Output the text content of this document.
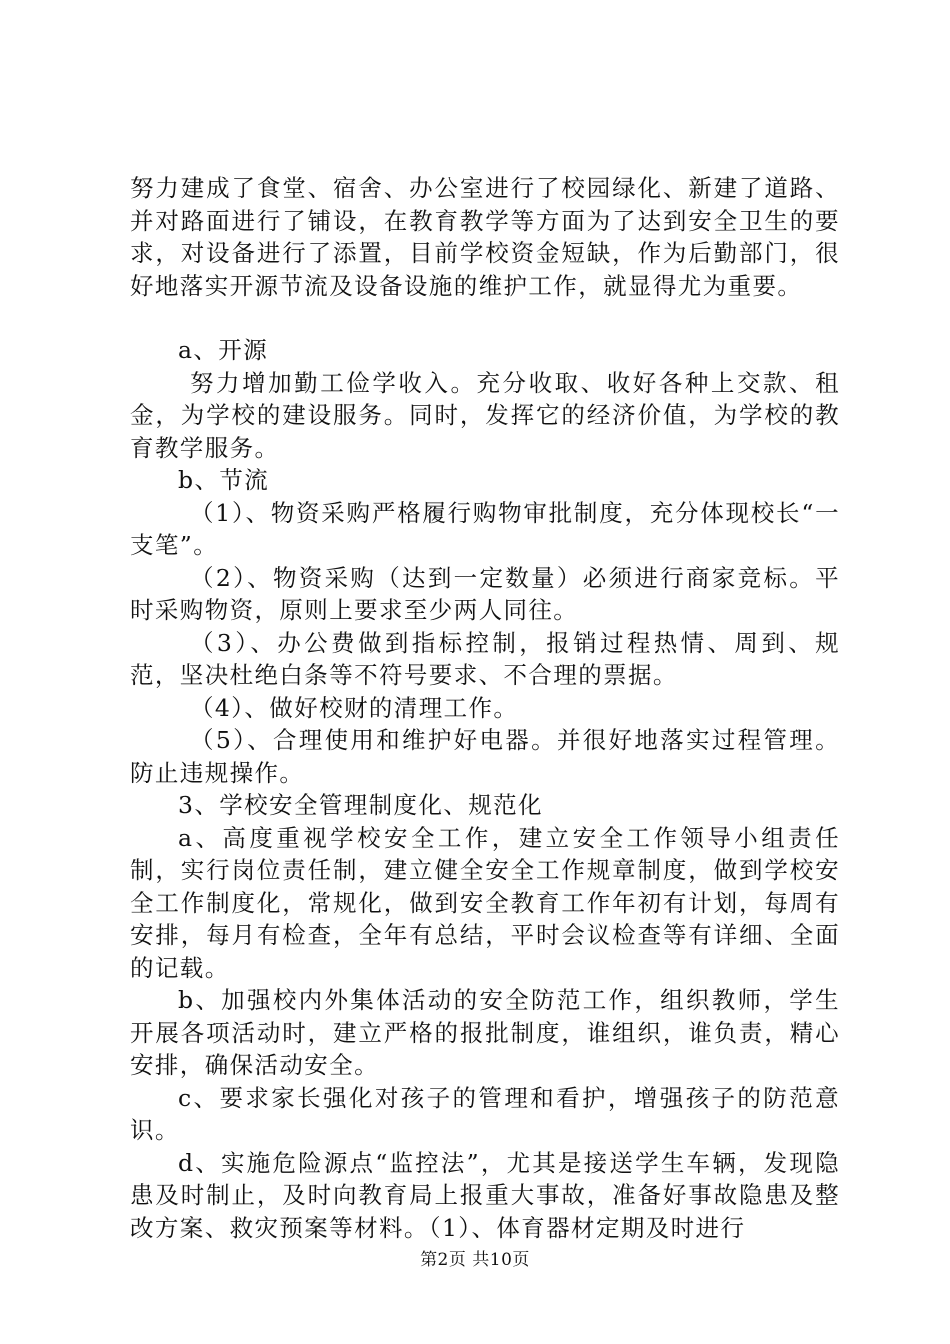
努力建成了食堂、宿舍、办公室进行了校园绿化、新建了道路、并对路面进行了铺设，在教育教学等方面为了达到安全卫生的要求，对设备进行了添置，目前学校资金短缺，作为后勤部门，很好地落实开源节流及设备设施的维护工作，就显得尤为重要。

a、开源

努力增加勤工俭学收入。充分收取、收好各种上交款、租金，为学校的建设服务。同时，发挥它的经济价值，为学校的教育教学服务。

b、节流

（1）、物资采购严格履行购物审批制度，充分体现校长“一支笔”。

（2）、物资采购（达到一定数量）必须进行商家竞标。平时采购物资，原则上要求至少两人同往。

（3）、办公费做到指标控制，报销过程热情、周到、规范，坚决杜绝白条等不符号要求、不合理的票据。

（4）、做好校财的清理工作。

（5）、合理使用和维护好电器。并很好地落实过程管理。防止违规操作。

3、学校安全管理制度化、规范化

a、高度重视学校安全工作，建立安全工作领导小组责任制，实行岗位责任制，建立健全安全工作规章制度，做到学校安全工作制度化，常规化，做到安全教育工作年初有计划，每周有安排，每月有检查，全年有总结，平时会议检查等有详细、全面的记载。

b、加强校内外集体活动的安全防范工作，组织教师，学生开展各项活动时，建立严格的报批制度，谁组织，谁负责，精心安排，确保活动安全。

c、要求家长强化对孩子的管理和看护，增强孩子的防范意识。

d、实施危险源点“监控法”，尤其是接送学生车辆，发现隐患及时制止，及时向教育局上报重大事故，准备好事故隐患及整改方案、救灾预案等材料。（1）、体育器材定期及时进行

第2页 共10页
